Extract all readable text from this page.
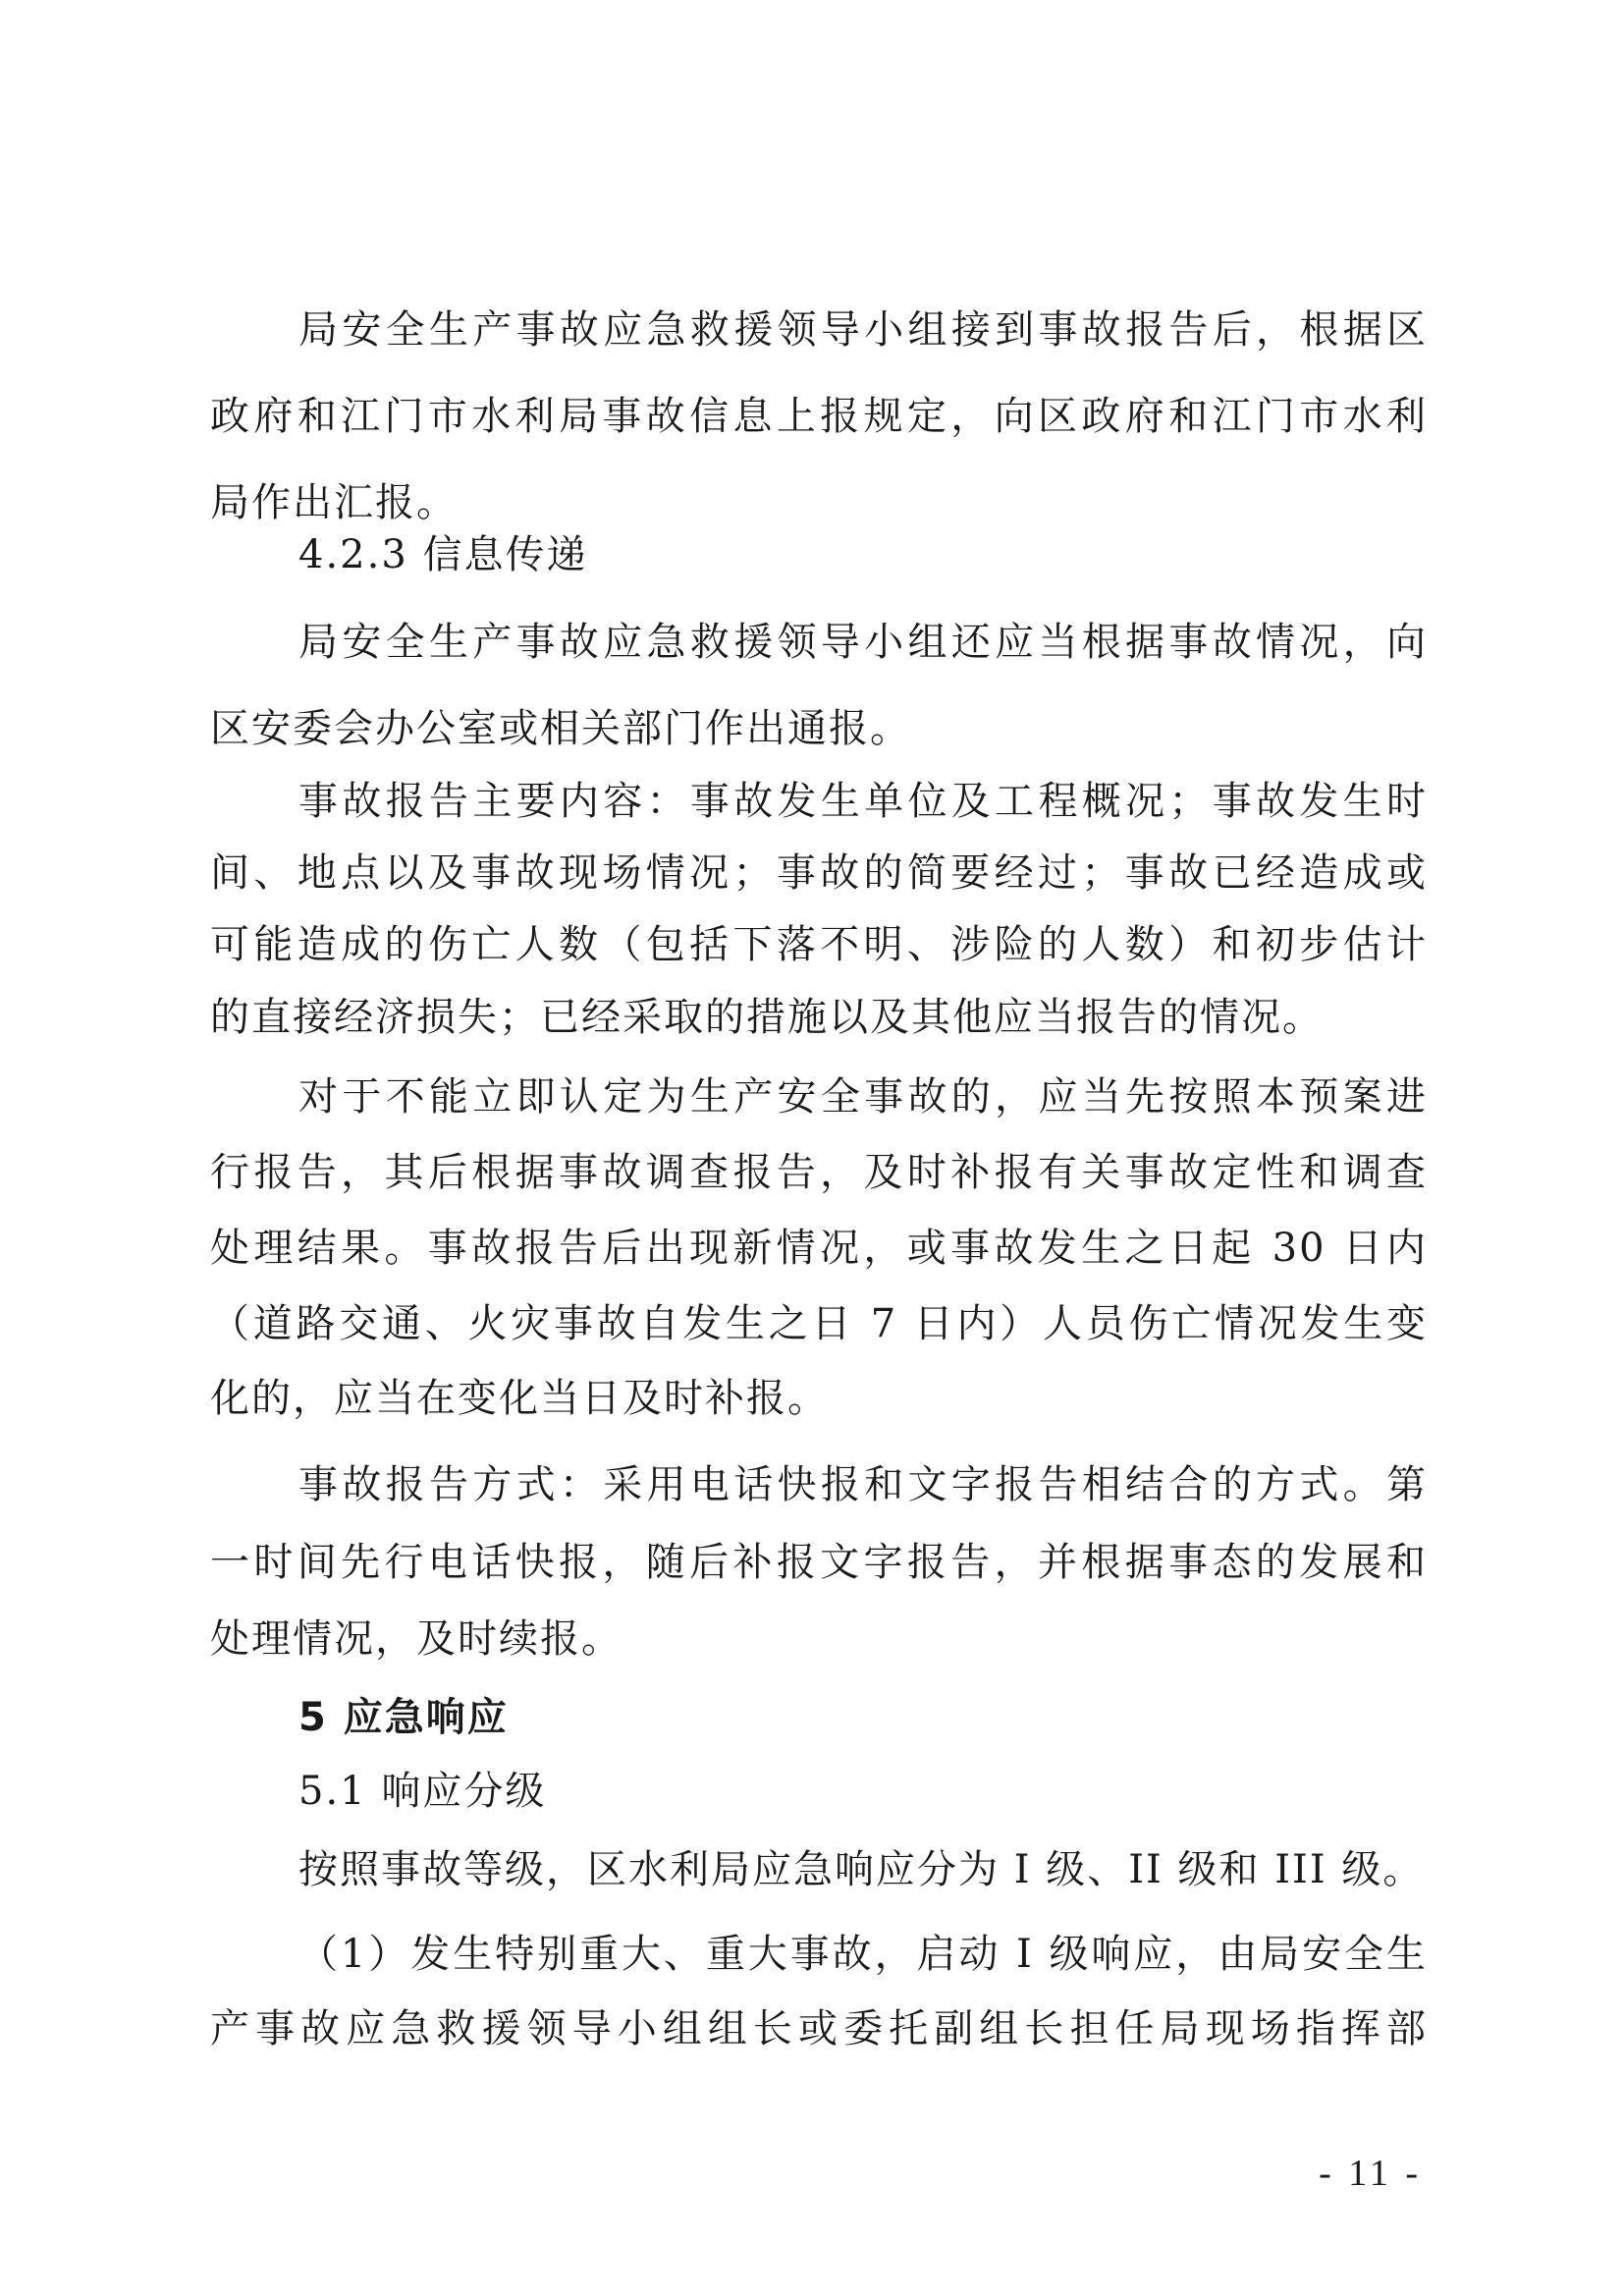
局安全生产事故应急救援领导小组接到事故报告后，根据区
政府和江门市水利局事故信息上报规定，向区政府和江门市水利
局作出汇报。
4.2.3 信息传递
局安全生产事故应急救援领导小组还应当根据事故情况，向
区安委会办公室或相关部门作出通报。
事故报告主要内容：事故发生单位及工程概况；事故发生时
间、地点以及事故现场情况；事故的简要经过；事故已经造成或
可能造成的伤亡人数（包括下落不明、涉险的人数）和初步估计
的直接经济损失；已经采取的措施以及其他应当报告的情况。
对于不能立即认定为生产安全事故的，应当先按照本预案进
行报告，其后根据事故调查报告，及时补报有关事故定性和调查
处理结果。事故报告后出现新情况，或事故发生之日起 30 日内
（道路交通、火灾事故自发生之日 7 日内）人员伤亡情况发生变
化的，应当在变化当日及时补报。
事故报告方式：采用电话快报和文字报告相结合的方式。第
一时间先行电话快报，随后补报文字报告，并根据事态的发展和
处理情况，及时续报。
5 应急响应
5.1 响应分级
按照事故等级，区水利局应急响应分为 I 级、II 级和 III 级。
（1）发生特别重大、重大事故，启动 I 级响应，由局安全生
产事故应急救援领导小组组长或委托副组长担任局现场指挥部
- 11 -
